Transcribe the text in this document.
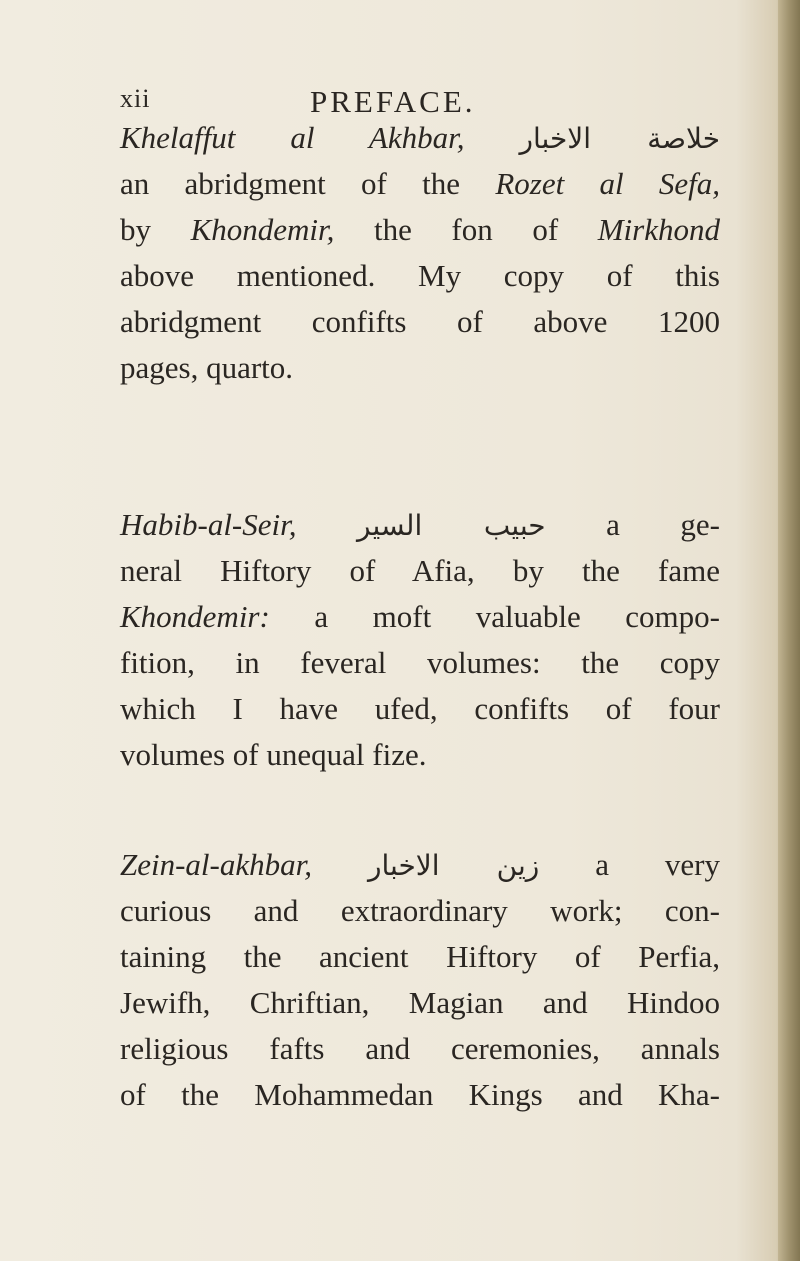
xii	PREFACE.
Khelaffut al Akhbar, خلاصة الاخبار
an abridgment of the Rozet al Sefa,
by Khondemir, the fon of Mirkhond
above mentioned. My copy of this
abridgment confifts of above 1200
pages, quarto.
Habib-al-Seir, حبيب السير a ge-
neral Hiftory of Afia, by the fame
Khondemir: a moft valuable compo-
fition, in feveral volumes: the copy
which I have ufed, confifts of four
volumes of unequal fize.
Zein-al-akhbar, زين الاخبار a very
curious and extraordinary work; con-
taining the ancient Hiftory of Perfia,
Jewifh, Chriftian, Magian and Hindoo
religious fafts and ceremonies, annals
of the Mohammedan Kings and Kha-
